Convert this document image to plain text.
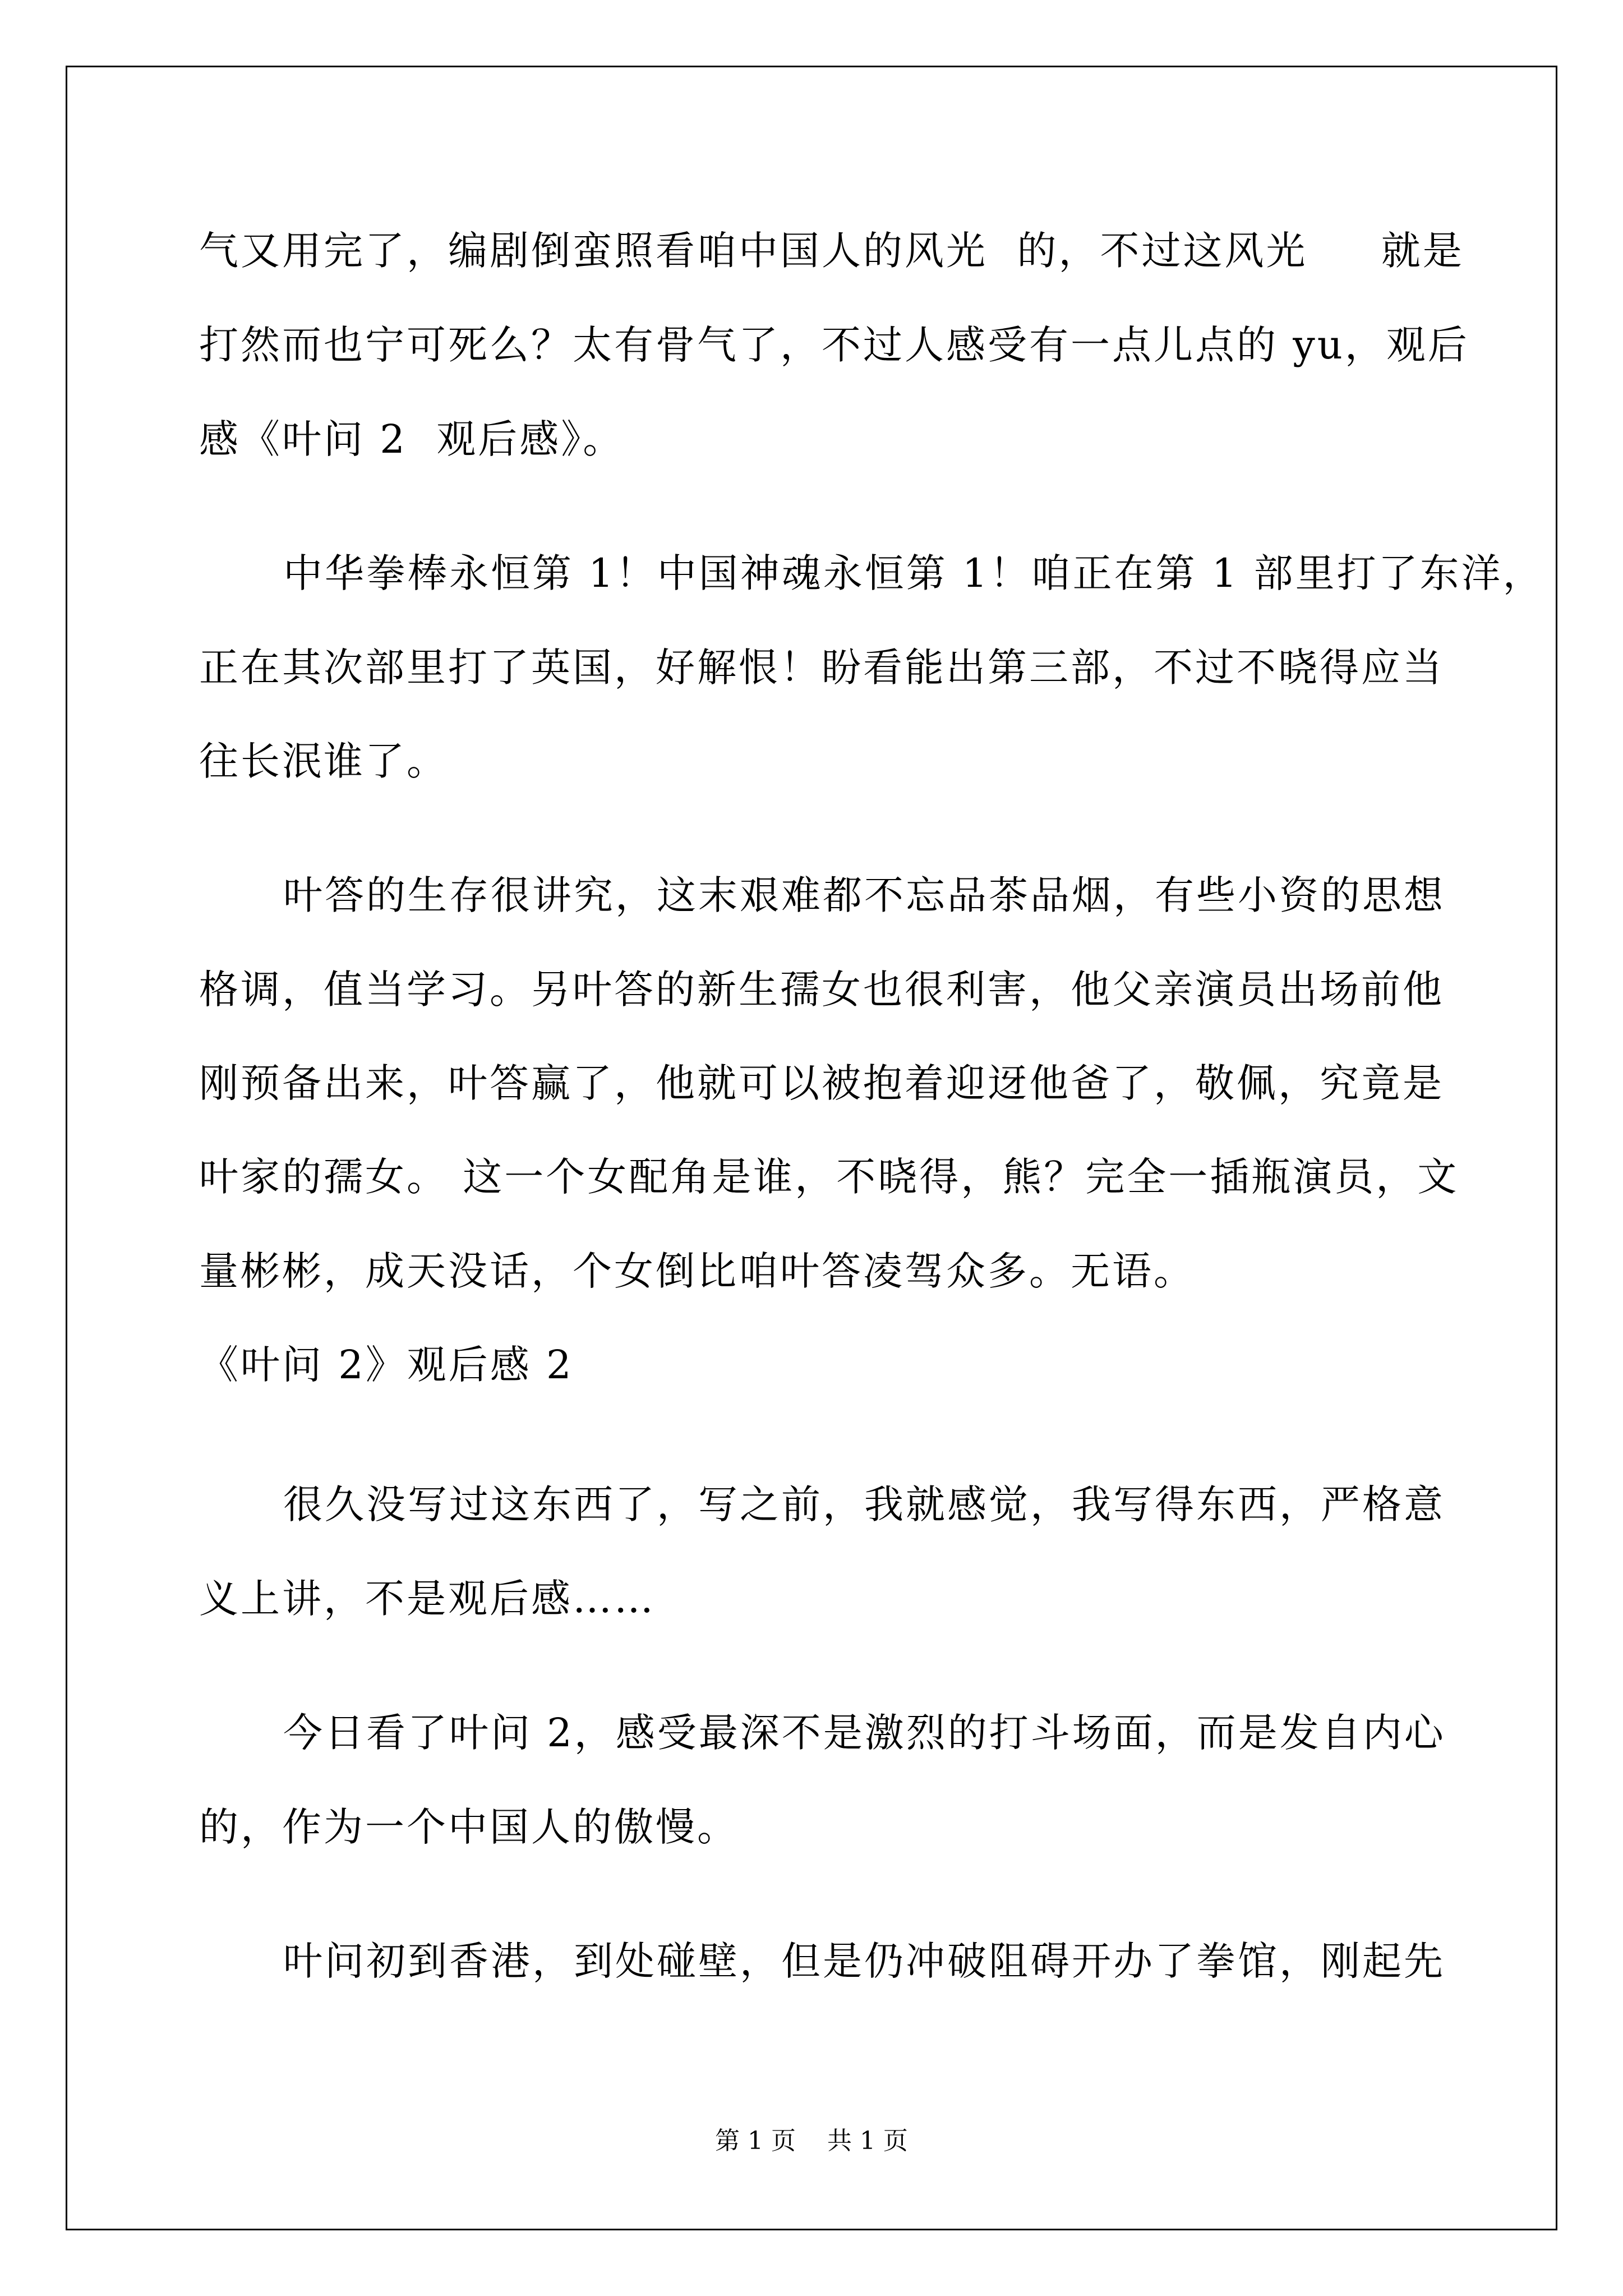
气又用完了，编剧倒蛮照看咱中国人的风光  的，不过这风光     就是
打然而也宁可死么？太有骨气了，不过人感受有一点儿点的 yu，观后
感《叶问 2  观后感》。
中华拳棒永恒第 1！中国神魂永恒第 1！咱正在第 1 部里打了东洋，
正在其次部里打了英国，好解恨！盼看能出第三部，不过不晓得应当
往长泯谁了。
叶答的生存很讲究，这末艰难都不忘品茶品烟，有些小资的思想
格调，值当学习。另叶答的新生孺女也很利害，他父亲演员出场前他
刚预备出来，叶答赢了，他就可以被抱着迎迓他爸了，敬佩，究竟是
叶家的孺女。 这一个女配角是谁，不晓得，熊？完全一插瓶演员，文
量彬彬，成天没话，个女倒比咱叶答凌驾众多。无语。
《叶问 2》观后感 2
很久没写过这东西了，写之前，我就感觉，我写得东西，严格意
义上讲，不是观后感……
今日看了叶问 2，感受最深不是激烈的打斗场面，而是发自内心
的，作为一个中国人的傲慢。
叶问初到香港，到处碰壁，但是仍冲破阻碍开办了拳馆，刚起先
第 1 页    共 1 页
